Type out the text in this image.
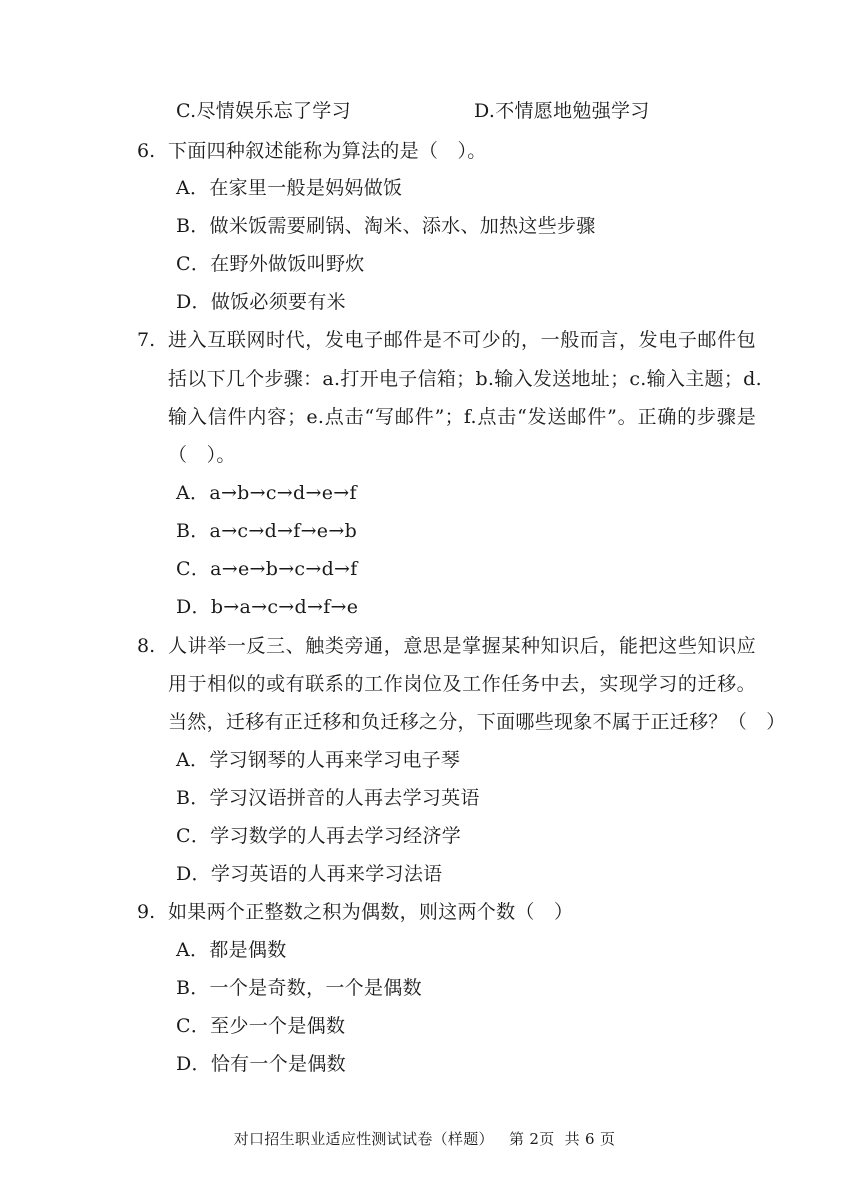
C.尽情娱乐忘了学习	D.不情愿地勉强学习
6. 下面四种叙述能称为算法的是（　）。
A．在家里一般是妈妈做饭
B．做米饭需要刷锅、淘米、添水、加热这些步骤
C．在野外做饭叫野炊
D．做饭必须要有米
7. 进入互联网时代，发电子邮件是不可少的，一般而言，发电子邮件包
括以下几个步骤：a.打开电子信箱；b.输入发送地址；c.输入主题；d.
输入信件内容；e.点击“写邮件”；f.点击“发送邮件”。正确的步骤是
（　）。
A．a→b→c→d→e→f
B．a→c→d→f→e→b
C．a→e→b→c→d→f
D．b→a→c→d→f→e
8. 人讲举一反三、触类旁通，意思是掌握某种知识后，能把这些知识应
用于相似的或有联系的工作岗位及工作任务中去，实现学习的迁移。
当然，迁移有正迁移和负迁移之分，下面哪些现象不属于正迁移？（　）
A．学习钢琴的人再来学习电子琴
B．学习汉语拼音的人再去学习英语
C．学习数学的人再去学习经济学
D．学习英语的人再来学习法语
9. 如果两个正整数之积为偶数，则这两个数（　）
A．都是偶数
B．一个是奇数，一个是偶数
C．至少一个是偶数
D．恰有一个是偶数
对口招生职业适应性测试试卷（样题）   第 2页  共 6 页
